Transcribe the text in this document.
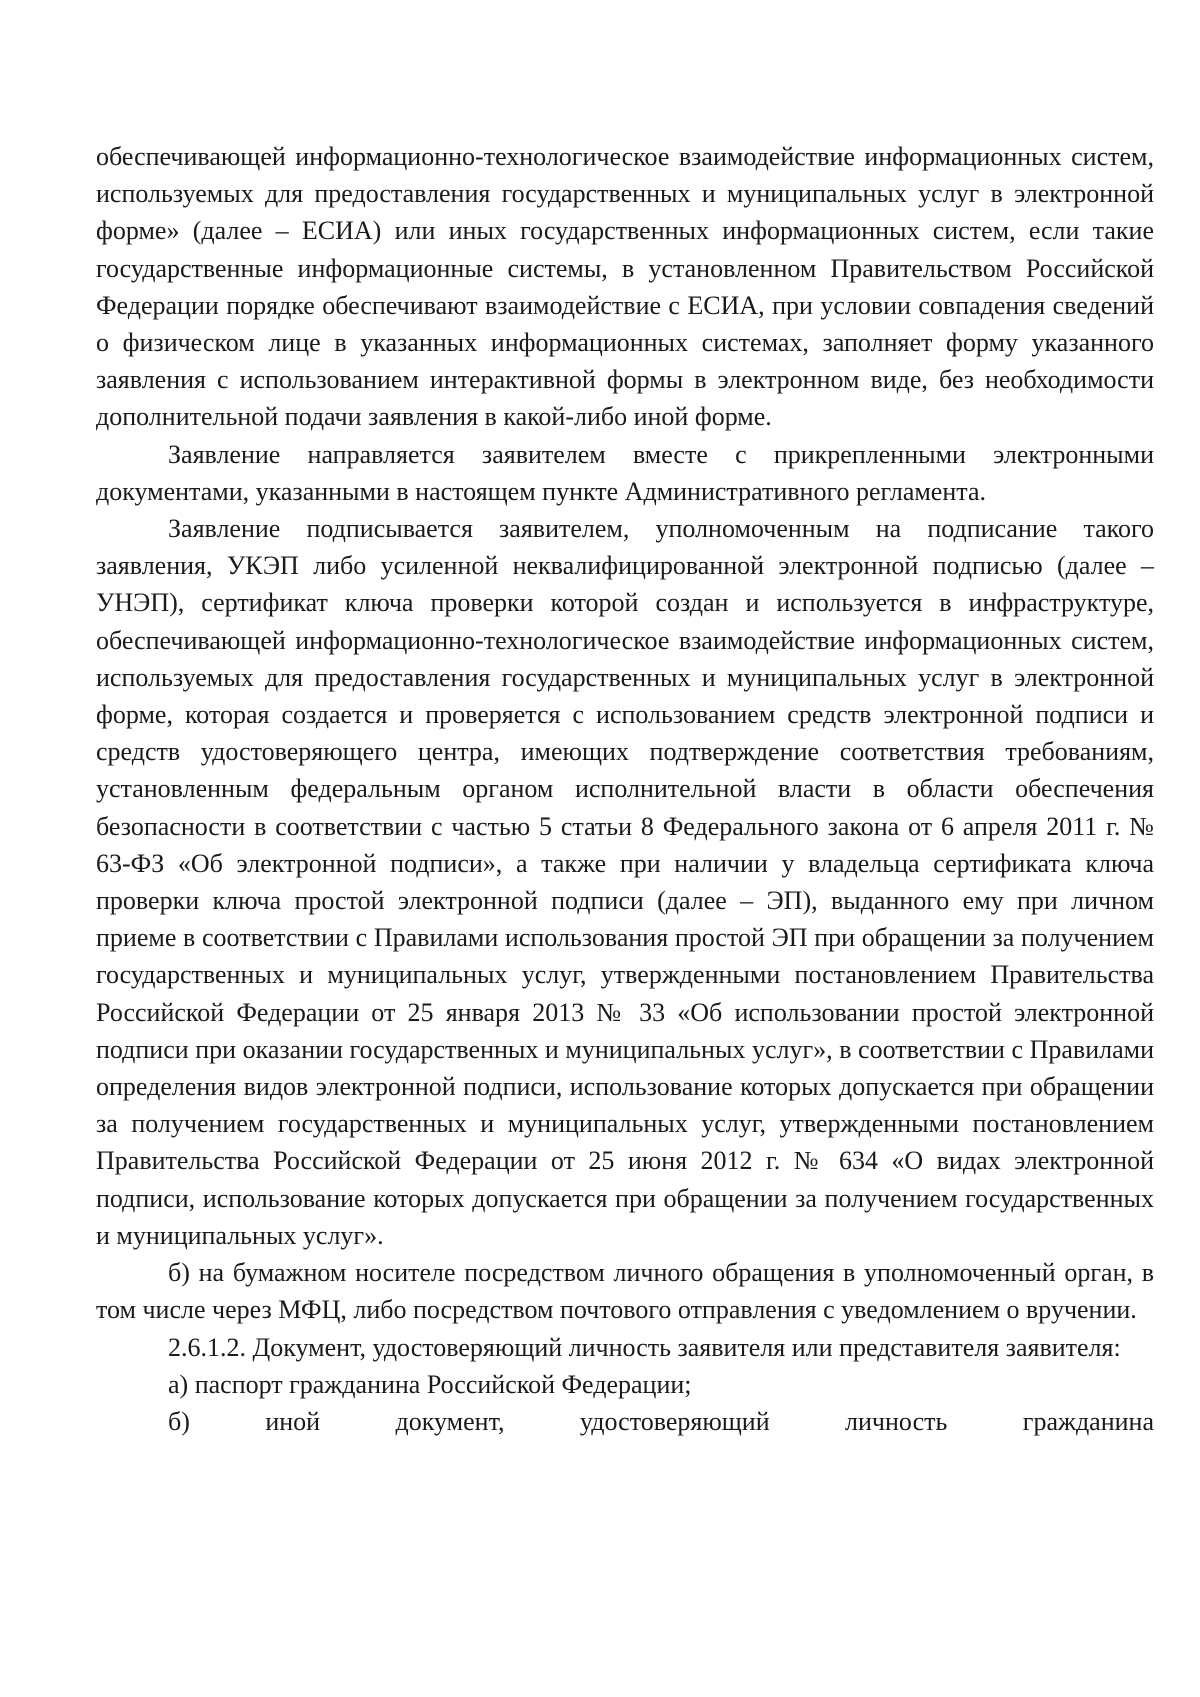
обеспечивающей информационно-технологическое взаимодействие информационных систем, используемых для предоставления государственных и муниципальных услуг в электронной форме» (далее – ЕСИА) или иных государственных информационных систем, если такие государственные информационные системы, в установленном Правительством Российской Федерации порядке обеспечивают взаимодействие с ЕСИА, при условии совпадения сведений о физическом лице в указанных информационных системах, заполняет форму указанного заявления с использованием интерактивной формы в электронном виде, без необходимости дополнительной подачи заявления в какой-либо иной форме.

Заявление направляется заявителем вместе с прикрепленными электронными документами, указанными в настоящем пункте Административного регламента.

Заявление подписывается заявителем, уполномоченным на подписание такого заявления, УКЭП либо усиленной неквалифицированной электронной подписью (далее – УНЭП), сертификат ключа проверки которой создан и используется в инфраструктуре, обеспечивающей информационно-технологическое взаимодействие информационных систем, используемых для предоставления государственных и муниципальных услуг в электронной форме, которая создается и проверяется с использованием средств электронной подписи и средств удостоверяющего центра, имеющих подтверждение соответствия требованиям, установленным федеральным органом исполнительной власти в области обеспечения безопасности в соответствии с частью 5 статьи 8 Федерального закона от 6 апреля 2011 г. № 63-ФЗ «Об электронной подписи», а также при наличии у владельца сертификата ключа проверки ключа простой электронной подписи (далее – ЭП), выданного ему при личном приеме в соответствии с Правилами использования простой ЭП при обращении за получением государственных и муниципальных услуг, утвержденными постановлением Правительства Российской Федерации от 25 января 2013 № 33 «Об использовании простой электронной подписи при оказании государственных и муниципальных услуг», в соответствии с Правилами определения видов электронной подписи, использование которых допускается при обращении за получением государственных и муниципальных услуг, утвержденными постановлением Правительства Российской Федерации от 25 июня 2012 г. № 634 «О видах электронной подписи, использование которых допускается при обращении за получением государственных и муниципальных услуг».

б) на бумажном носителе посредством личного обращения в уполномоченный орган, в том числе через МФЦ, либо посредством почтового отправления с уведомлением о вручении.

2.6.1.2. Документ, удостоверяющий личность заявителя или представителя заявителя:

а) паспорт гражданина Российской Федерации;

б) иной документ, удостоверяющий личность гражданина
